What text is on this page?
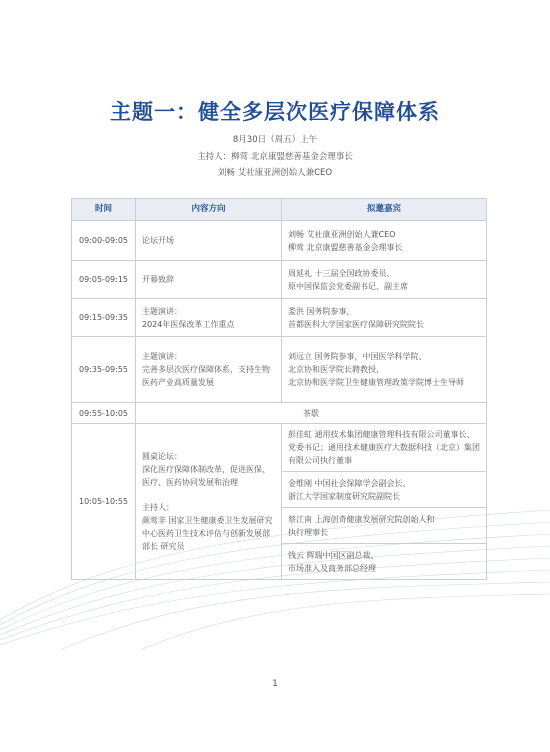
主题一：健全多层次医疗保障体系
8月30日（周五）上午
主持人：柳莺 北京康盟慈善基金会理事长
刘畅 艾社康亚洲创始人兼CEO
时间	内容方向	拟邀嘉宾
09:00-09:05	论坛开场	刘畅 艾社康亚洲创始人兼CEO
柳莺 北京康盟慈善基金会理事长

09:05-09:15	开幕致辞	周延礼 十三届全国政协委员、
原中国保监会党委副书记、副主席

09:15-09:35	主题演讲：
2024年医保改革工作重点	娄洪 国务院参事，
首都医科大学国家医疗保障研究院院长

09:35-09:55	主题演讲：
完善多层次医疗保障体系，支持生物医药产业高质量发展	刘远立 国务院参事，中国医学科学院、
北京协和医学院长聘教授，
北京协和医学院卫生健康管理政策学院博士生导师

09:55-10:05	茶歇	
10:05-10:55	圆桌论坛：
深化医疗保障体制改革，促进医保、医疗、医药协同发展和治理
主持人：
颜莺非 国家卫生健康委卫生发展研究中心医药卫生技术评估与创新发展部部长 研究员	彭佳虹 通用技术集团健康管理科技有限公司董事长、党委书记；通用技术健康医疗大数据科技（北京）集团有限公司执行董事

		金维刚 中国社会保障学会副会长、
浙江大学国家制度研究院副院长

		蔡江南 上海创奇健康发展研究院创始人和
执行理事长

		钱云 辉瑞中国区副总裁、
市场准入及商务部总经理
1
